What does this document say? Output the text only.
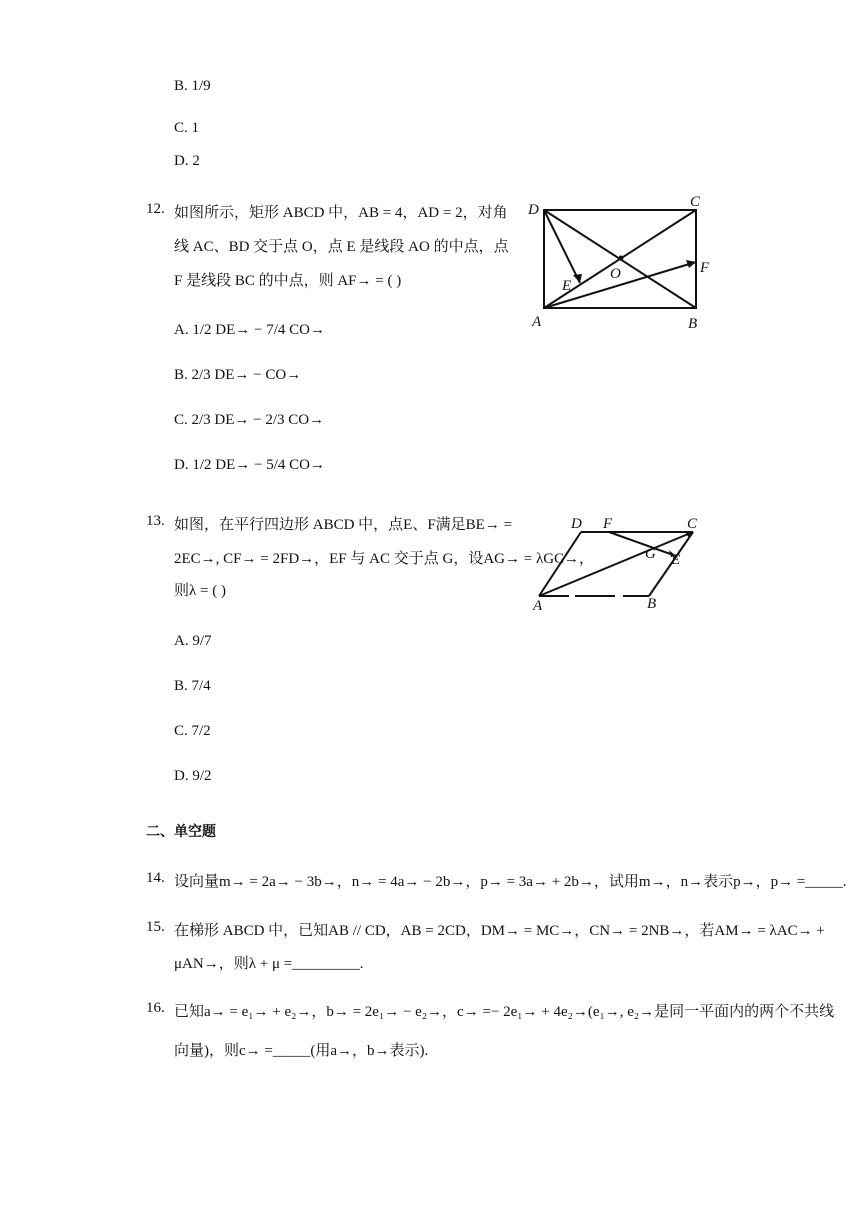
B. 1/9
C. 1
D. 2
12. 如图所示，矩形 ABCD 中，AB = 4，AD = 2，对角
线 AC、BD 交于点 O，点 E 是线段 AO 的中点，点
F 是线段 BC 的中点，则 AF→ = ( )
A. 1/2 DE→ − 7/4 CO→
B. 2/3 DE→ − CO→
C. 2/3 DE→ − 2/3 CO→
D. 1/2 DE→ − 5/4 CO→
D	C
A	B
O
E
F
13. 如图，在平行四边形 ABCD 中，点E、F满足BE→ =
2EC→, CF→ = 2FD→，EF 与 AC 交于点 G，设AG→ = λGC→，
则λ = ( )
A. 9/7
B. 7/4
C. 7/2
D. 9/2
D F	C
G E
A	B
二、单空题
14. 设向量m→ = 2a→ − 3b→，n→ = 4a→ − 2b→，p→ = 3a→ + 2b→，试用m→，n→表示p→，p→ =_____.
15. 在梯形 ABCD 中，已知AB // CD，AB = 2CD，DM→ = MC→，CN→ = 2NB→，若AM→ = λAC→ +
μAN→，则λ + μ =_________.
16. 已知a→ = e₁→ + e₂→，b→ = 2e₁→ − e₂→，c→ =− 2e₁→ + 4e₂→(e₁→, e₂→是同一平面内的两个不共线
向量)，则c→ =_____(用a→，b→表示).
